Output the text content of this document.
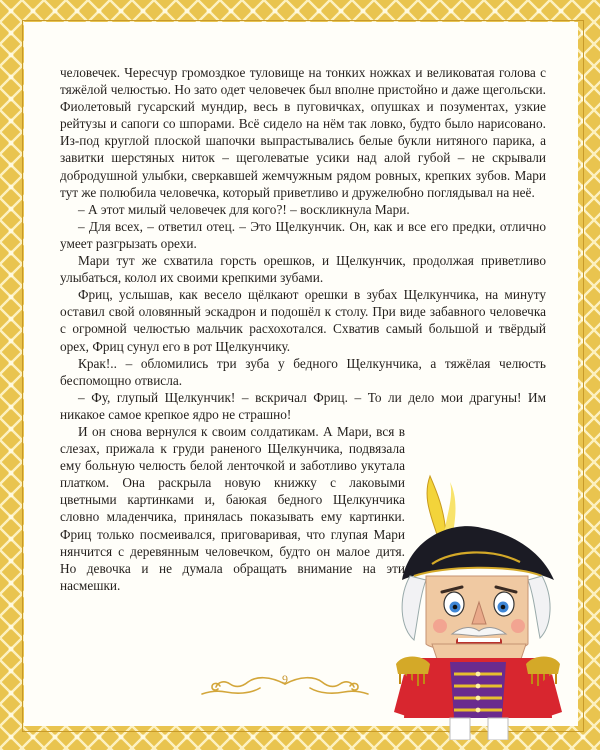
человечек. Чересчур громоздкое туловище на тонких ножках и великоватая голова с тяжёлой челюстью. Но зато одет человечек был вполне пристойно и даже щегольски. Фиолетовый гусарский мундир, весь в пуговичках, опушках и позументах, узкие рейтузы и сапоги со шпорами. Всё сидело на нём так ловко, будто было нарисовано. Из-под круглой плоской шапочки выпрастывались белые букли нитяного парика, а завитки шерстяных ниток – щеголеватые усики над алой губой – не скрывали добродушной улыбки, сверкавшей жемчужным рядом ровных, крепких зубов. Мари тут же полюбила человечка, который приветливо и дружелюбно поглядывал на неё.

– А этот милый человечек для кого?! – воскликнула Мари.

– Для всех, – ответил отец. – Это Щелкунчик. Он, как и все его предки, отлично умеет разгрызать орехи.

Мари тут же схватила горсть орешков, и Щелкунчик, продолжая приветливо улыбаться, колол их своими крепкими зубами.

Фриц, услышав, как весело щёлкают орешки в зубах Щелкунчика, на минуту оставил свой оловянный эскадрон и подошёл к столу. При виде забавного человечка с огромной челюстью мальчик расхохотался. Схватив самый большой и твёрдый орех, Фриц сунул его в рот Щелкунчику.

Крак!.. – обломились три зуба у бедного Щелкунчика, а тяжёлая челюсть беспомощно отвисла.

– Фу, глупый Щелкунчик! – вскричал Фриц. – То ли дело мои драгуны! Им никакое самое крепкое ядро не страшно!

И он снова вернулся к своим солдатикам. А Мари, вся в слезах, прижала к груди раненого Щелкунчика, подвязала ему больную челюсть белой ленточкой и заботливо укутала платком. Она раскрыла новую книжку с лаковыми цветными картинками и, баюкая бедного Щелкунчика словно младенчика, принялась показывать ему картинки. Фриц только посмеивался, приговаривая, что глупая Мари нянчится с деревянным человечком, будто он малое дитя. Но девочка и не думала обращать внимание на эти насмешки.

9
